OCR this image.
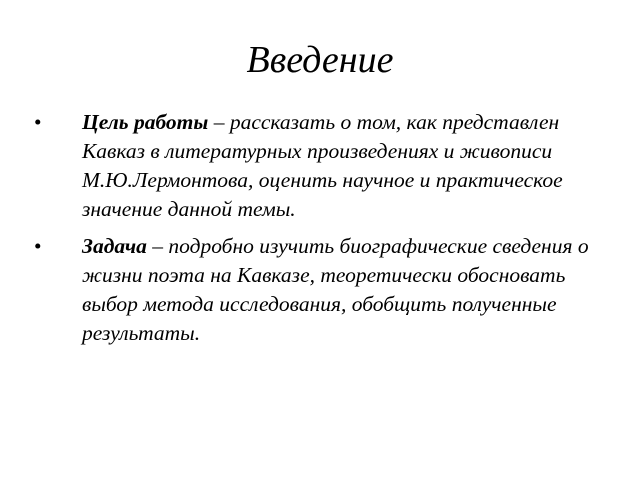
Введение
• Цель работы – рассказать о том, как представлен Кавказ в литературных произведениях и живописи М.Ю.Лермонтова, оценить научное и практическое значение данной темы.
• Задача – подробно изучить биографические сведения о жизни поэта на Кавказе, теоретически обосновать выбор метода исследования, обобщить полученные результаты.
